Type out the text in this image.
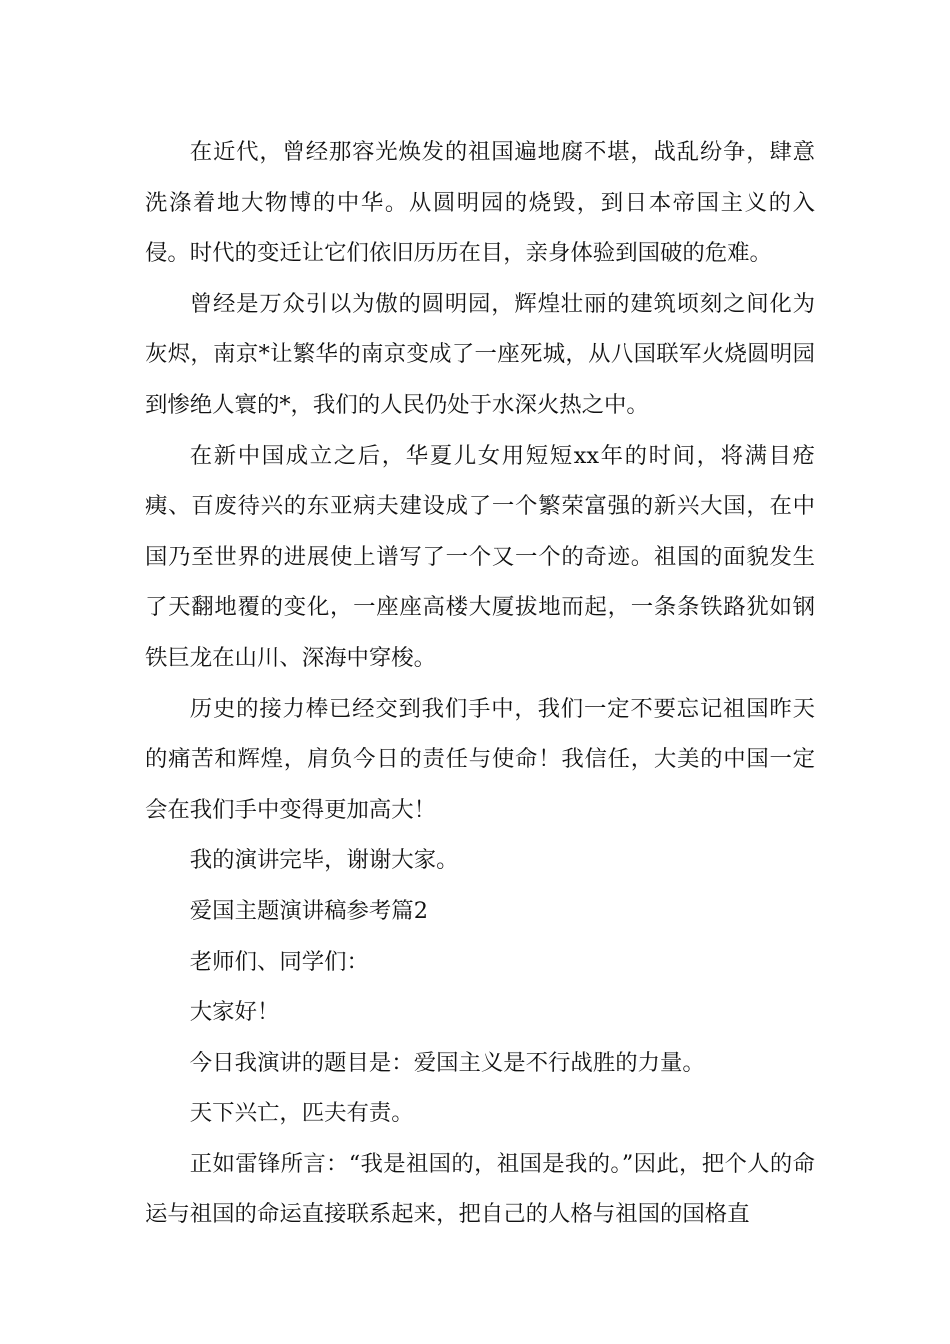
在近代，曾经那容光焕发的祖国遍地腐不堪，战乱纷争，肆意洗涤着地大物博的中华。从圆明园的烧毁，到日本帝国主义的入侵。时代的变迁让它们依旧历历在目，亲身体验到国破的危难。

曾经是万众引以为傲的圆明园，辉煌壮丽的建筑顷刻之间化为灰烬，南京*让繁华的南京变成了一座死城，从八国联军火烧圆明园到惨绝人寰的*，我们的人民仍处于水深火热之中。

在新中国成立之后，华夏儿女用短短xx年的时间，将满目疮痍、百废待兴的东亚病夫建设成了一个繁荣富强的新兴大国，在中国乃至世界的进展使上谱写了一个又一个的奇迹。祖国的面貌发生了天翻地覆的变化，一座座高楼大厦拔地而起，一条条铁路犹如钢铁巨龙在山川、深海中穿梭。

历史的接力棒已经交到我们手中，我们一定不要忘记祖国昨天的痛苦和辉煌，肩负今日的责任与使命！我信任，大美的中国一定会在我们手中变得更加高大！

我的演讲完毕，谢谢大家。

爱国主题演讲稿参考篇2

老师们、同学们：

大家好！

今日我演讲的题目是：爱国主义是不行战胜的力量。

天下兴亡，匹夫有责。

正如雷锋所言：“我是祖国的，祖国是我的。”因此，把个人的命运与祖国的命运直接联系起来，把自己的人格与祖国的国格直
